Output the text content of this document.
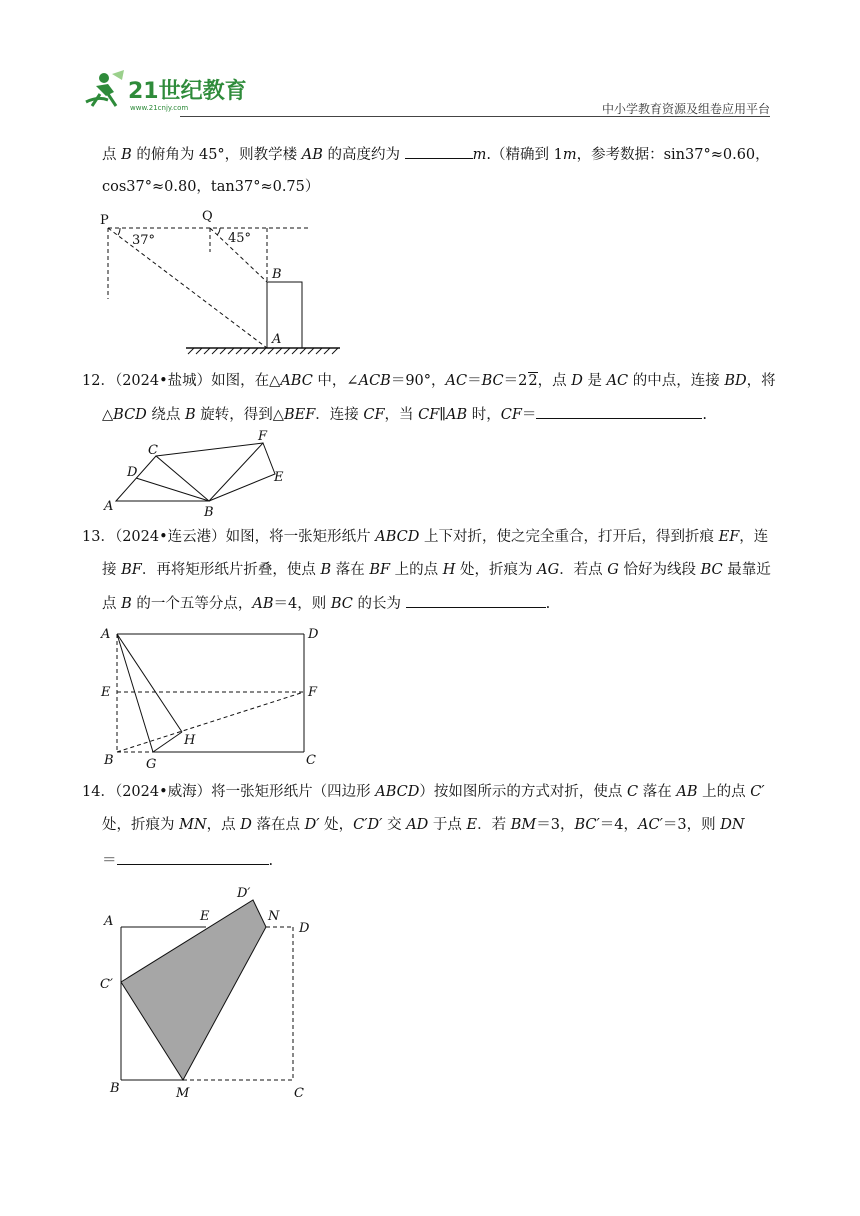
21世纪教育
www.21cnjy.com	中小学教育资源及组卷应用平台
点 B 的俯角为 45°，则教学楼 AB 的高度约为	m.（精确到 1m，参考数据：sin37°≈0.60，
cos37°≈0.80，tan37°≈0.75）
P	Q
37°	45°
B
A
12．（2024•盐城）如图，在△ABC 中，∠ACB＝90°，AC＝BC＝22，点 D 是 AC 的中点，连接 BD，将
△BCD 绕点 B 旋转，得到△BEF．连接 CF，当 CF∥AB 时，CF＝	.
C
F
D	E
A	B
13．（2024•连云港）如图，将一张矩形纸片 ABCD 上下对折，使之完全重合，打开后，得到折痕 EF，连
接 BF．再将矩形纸片折叠，使点 B 落在 BF 上的点 H 处，折痕为 AG．若点 G 恰好为线段 BC 最靠近
点 B 的一个五等分点，AB＝4，则 BC 的长为	.
A	D
E	F
H
B G	C
14．（2024•威海）将一张矩形纸片（四边形 ABCD）按如图所示的方式对折，使点 C 落在 AB 上的点 C′
处，折痕为 MN，点 D 落在点 D′ 处，C′D′ 交 AD 于点 E．若 BM＝3，BC′＝4，AC′＝3，则 DN
＝	.
D′
A	E	N
D
C′
B	M	C
